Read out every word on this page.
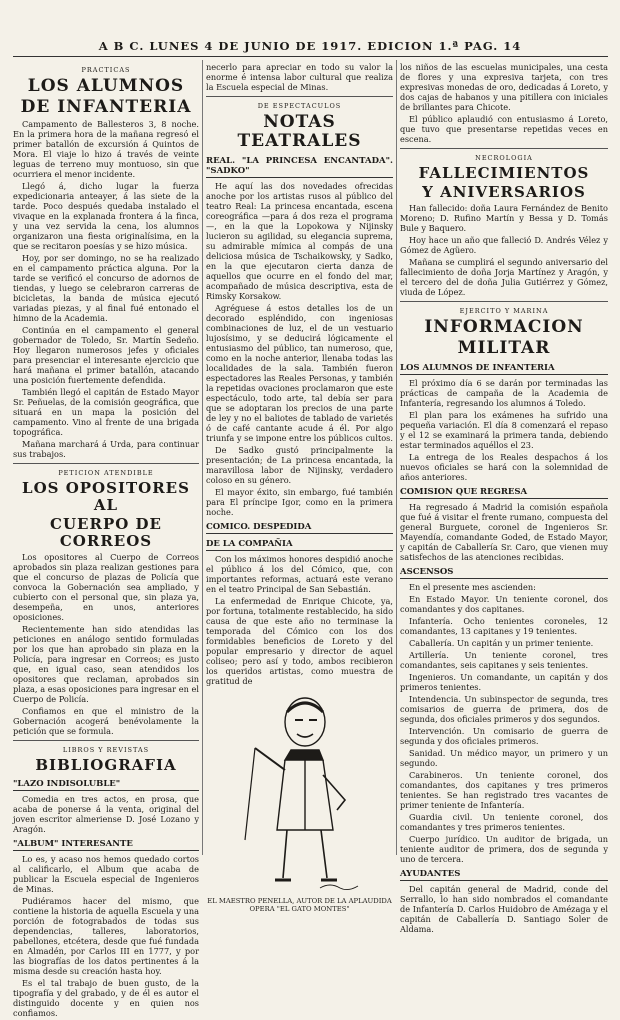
A B C. LUNES 4 DE JUNIO DE 1917. EDICION 1.ª PAG. 14
PRACTICAS
LOS ALUMNOS
DE INFANTERIA

Campamento de Ballesteros 3, 8 noche. En la primera hora de la mañana regresó el primer batallón de excursión á Quintos de Mora. El viaje lo hizo á través de veinte leguas de terreno muy montuoso, sin que ocurriera el menor incidente.

Llegó á, dicho lugar la fuerza expedicionaria anteayer, á las siete de la tarde. Poco después quedaba instalado el vivaque en la explanada frontera á la finca, y una vez servida la cena, los alumnos organizaron una fiesta originalísima, en la que se recitaron poesías y se hizo música.

Hoy, por ser domingo, no se ha realizado en el campamento práctica alguna. Por la tarde se verificó el concurso de adornos de tiendas, y luego se celebraron carreras de bicicletas, la banda de música ejecutó variadas piezas, y al final fué entonado el himno de la Academia.

Continúa en el campamento el general gobernador de Toledo, Sr. Martín Sedeño. Hoy llegaron numerosos jefes y oficiales para presenciar el interesante ejercicio que hará mañana el primer batallón, atacando una posición fuertemente defendida.

También llegó el capitán de Estado Mayor Sr. Peñuelas, de la comisión geográfica, que situará en un mapa la posición del campamento. Vino al frente de una brigada topográfica.

Mañana marchará á Urda, para continuar sus trabajos.

PETICION ATENDIBLE
LOS OPOSITORES AL
CUERPO DE CORREOS

Los opositores al Cuerpo de Correos aprobados sin plaza realizan gestiones para que el concurso de plazas de Policía que convoca la Gobernación sea ampliado, y cubierto con el personal que, sin plaza ya, desempeña, en unos, anteriores oposiciones.

Recientemente han sido atendidas las peticiones en análogo sentido formuladas por los que han aprobado sin plaza en la Policía, para ingresar en Correos; es justo que, en igual caso, sean atendidos los opositores que reclaman, aprobados sin plaza, a esas oposiciones para ingresar en el Cuerpo de Policía.

Confiamos en que el ministro de la Gobernación acogerá benévolamente la petición que se formula.

LIBROS Y REVISTAS
BIBLIOGRAFIA
"LAZO INDISOLUBLE"

Comedia en tres actos, en prosa, que acaba de ponerse á la venta, original del joven escritor almeriense D. José Lozano y Aragón.

"ALBUM" INTERESANTE

Lo es, y acaso nos hemos quedado cortos al calificarlo, el Album que acaba de publicar la Escuela especial de Ingenieros de Minas.

Pudiéramos hacer del mismo, que contiene la historia de aquella Escuela y una porción de fotograbados de todas sus dependencias, talleres, laboratorios, pabellones, etcétera, desde que fué fundada en Almadén, por Carlos III en 1777, y por las biografías de los datos pertinentes á la misma desde su creación hasta hoy.

Es el tal trabajo de buen gusto, de la tipografía y del grabado, y de él es autor el distinguido docente y en quien nos confiamos.

necerlo para apreciar en todo su valor la enorme é intensa labor cultural que realiza la Escuela especial de Minas.

DE ESPECTACULOS
NOTAS TEATRALES
REAL. "LA PRINCESA ENCANTADA". "SADKO"

He aquí las dos novedades ofrecidas anoche por los artistas rusos al público del teatro Real: La princesa encantada, escena coreográfica —para á dos reza el programa—, en la que la Lopokowa y Nijinsky lucieron su agilidad, su elegancia suprema, su admirable mímica al compás de una deliciosa música de Tschaikowsky, y Sadko, en la que ejecutaron cierta danza de aquellos que ocurre en el fondo del mar, acompañado de música descriptiva, esta de Rimsky Korsakow.

Agréguese á estos detalles los de un decorado espléndido, con ingeniosas combinaciones de luz, el de un vestuario lujosísimo, y se deducirá lógicamente el entusiasmo del público, tan numeroso, que, como en la noche anterior, llenaba todas las localidades de la sala. También fueron espectadores las Reales Personas, y también la repetidas ovaciones proclamaron que este espectáculo, todo arte, tal debía ser para que se adoptaran los precios de una parte de ley y no el baliotes de tablado de varietés ó de café cantante acude á él. Por algo triunfa y se impone entre los públicos cultos.

De Sadko gustó principalmente la presentación; de La princesa encantada, la maravillosa labor de Nijinsky, verdadero coloso en su género.

El mayor éxito, sin embargo, fué también para El príncipe Igor, como en la primera noche.

COMICO. DESPEDIDA
DE LA COMPAÑIA

Con los máximos honores despidió anoche el público á los del Cómico, que, con importantes reformas, actuará este verano en el teatro Principal de San Sebastián.

La enfermedad de Enrique Chicote, ya, por fortuna, totalmente restablecido, ha sido causa de que este año no terminase la temporada del Cómico con los dos formidables beneficios de Loreto y del popular empresario y director de aquel coliseo; pero así y todo, ambos recibieron los queridos artistas, como muestra de gratitud de

EL MAESTRO PENELLA, AUTOR DE LA APLAUDIDA OPERA "EL GATO MONTES"

los niños de las escuelas municipales, una cesta de flores y una expresiva tarjeta, con tres expresivas monedas de oro, dedicadas á Loreto, y dos cajas de habanos y una pitillera con iniciales de brillantes para Chicote.

El público aplaudió con entusiasmo á Loreto, que tuvo que presentarse repetidas veces en escena.

NECROLOGIA
FALLECIMIENTOS
Y ANIVERSARIOS

Han fallecido: doña Laura Fernández de Benito Moreno; D. Rufino Martín y Bessa y D. Tomás Bule y Baquero.

Hoy hace un año que falleció D. Andrés Vélez y Gómez de Agüero.

Mañana se cumplirá el segundo aniversario del fallecimiento de doña Jorja Martínez y Aragón, y el tercero del de doña Julia Gutiérrez y Gómez, viuda de López.

EJERCITO Y MARINA
INFORMACION
MILITAR
LOS ALUMNOS DE INFANTERIA

El próximo día 6 se darán por terminadas las prácticas de campaña de la Academia de Infantería, regresando los alumnos á Toledo.

El plan para los exámenes ha sufrido una pequeña variación. El día 8 comenzará el repaso y el 12 se examinará la primera tanda, debiendo estar terminados aquéllos el 23.

La entrega de los Reales despachos á los nuevos oficiales se hará con la solemnidad de años anteriores.

COMISION QUE REGRESA

Ha regresado á Madrid la comisión española que fué á visitar el frente rumano, compuesta del general Burguete, coronel de Ingenieros Sr. Mayendía, comandante Goded, de Estado Mayor, y capitán de Caballería Sr. Caro, que vienen muy satisfechos de las atenciones recibidas.

ASCENSOS

En el presente mes ascienden:

En Estado Mayor. Un teniente coronel, dos comandantes y dos capitanes.

Infantería. Ocho tenientes coroneles, 12 comandantes, 13 capitanes y 19 tenientes.

Caballería. Un capitán y un primer teniente.

Artillería. Un teniente coronel, tres comandantes, seis capitanes y seis tenientes.

Ingenieros. Un comandante, un capitán y dos primeros tenientes.

Intendencia. Un subinspector de segunda, tres comisarios de guerra de primera, dos de segunda, dos oficiales primeros y dos segundos.

Intervención. Un comisario de guerra de segunda y dos oficiales primeros.

Sanidad. Un médico mayor, un primero y un segundo.

Carabineros. Un teniente coronel, dos comandantes, dos capitanes y tres primeros tenientes. Se han registrado tres vacantes de primer teniente de Infantería.

Guardia civil. Un teniente coronel, dos comandantes y tres primeros tenientes.

Cuerpo jurídico. Un auditor de brigada, un teniente auditor de primera, dos de segunda y uno de tercera.

AYUDANTES

Del capitán general de Madrid, conde del Serrallo, lo han sido nombrados el comandante de Infantería D. Carlos Huidobro de Amézaga y el capitán de Caballería D. Santiago Soler de Aldama.
